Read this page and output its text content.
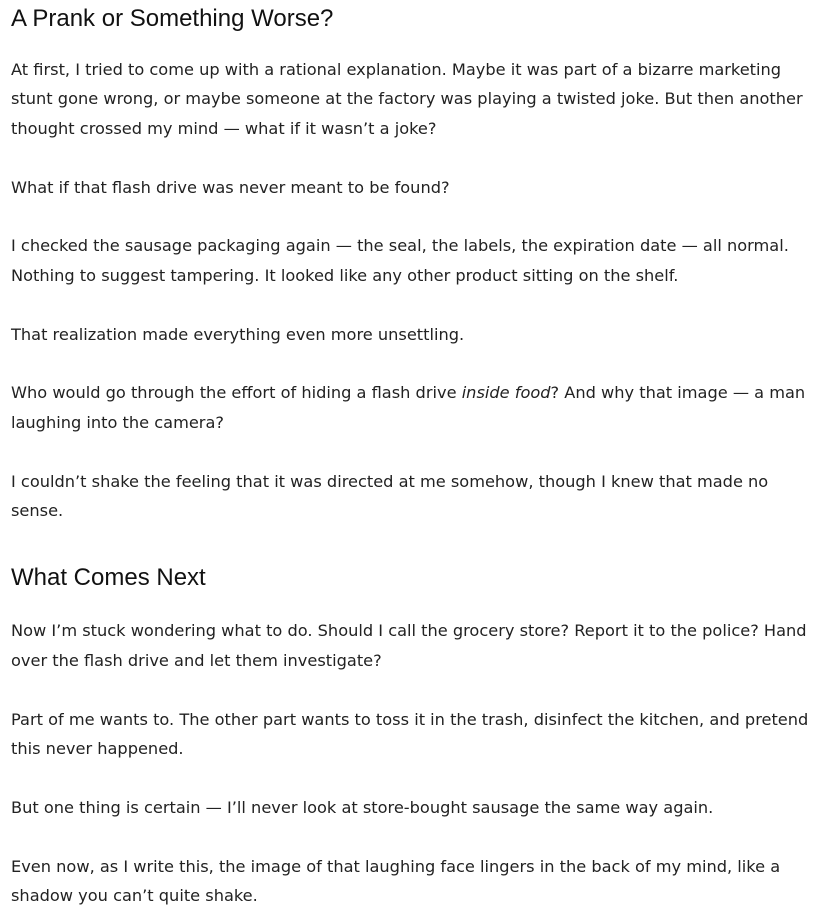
A Prank or Something Worse?

At first, I tried to come up with a rational explanation. Maybe it was part of a bizarre marketing stunt gone wrong, or maybe someone at the factory was playing a twisted joke. But then another thought crossed my mind — what if it wasn’t a joke?

What if that flash drive was never meant to be found?

I checked the sausage packaging again — the seal, the labels, the expiration date — all normal. Nothing to suggest tampering. It looked like any other product sitting on the shelf.

That realization made everything even more unsettling.

Who would go through the effort of hiding a flash drive inside food? And why that image — a man laughing into the camera?

I couldn’t shake the feeling that it was directed at me somehow, though I knew that made no sense.

What Comes Next

Now I’m stuck wondering what to do. Should I call the grocery store? Report it to the police? Hand over the flash drive and let them investigate?

Part of me wants to. The other part wants to toss it in the trash, disinfect the kitchen, and pretend this never happened.

But one thing is certain — I’ll never look at store-bought sausage the same way again.

Even now, as I write this, the image of that laughing face lingers in the back of my mind, like a shadow you can’t quite shake.
